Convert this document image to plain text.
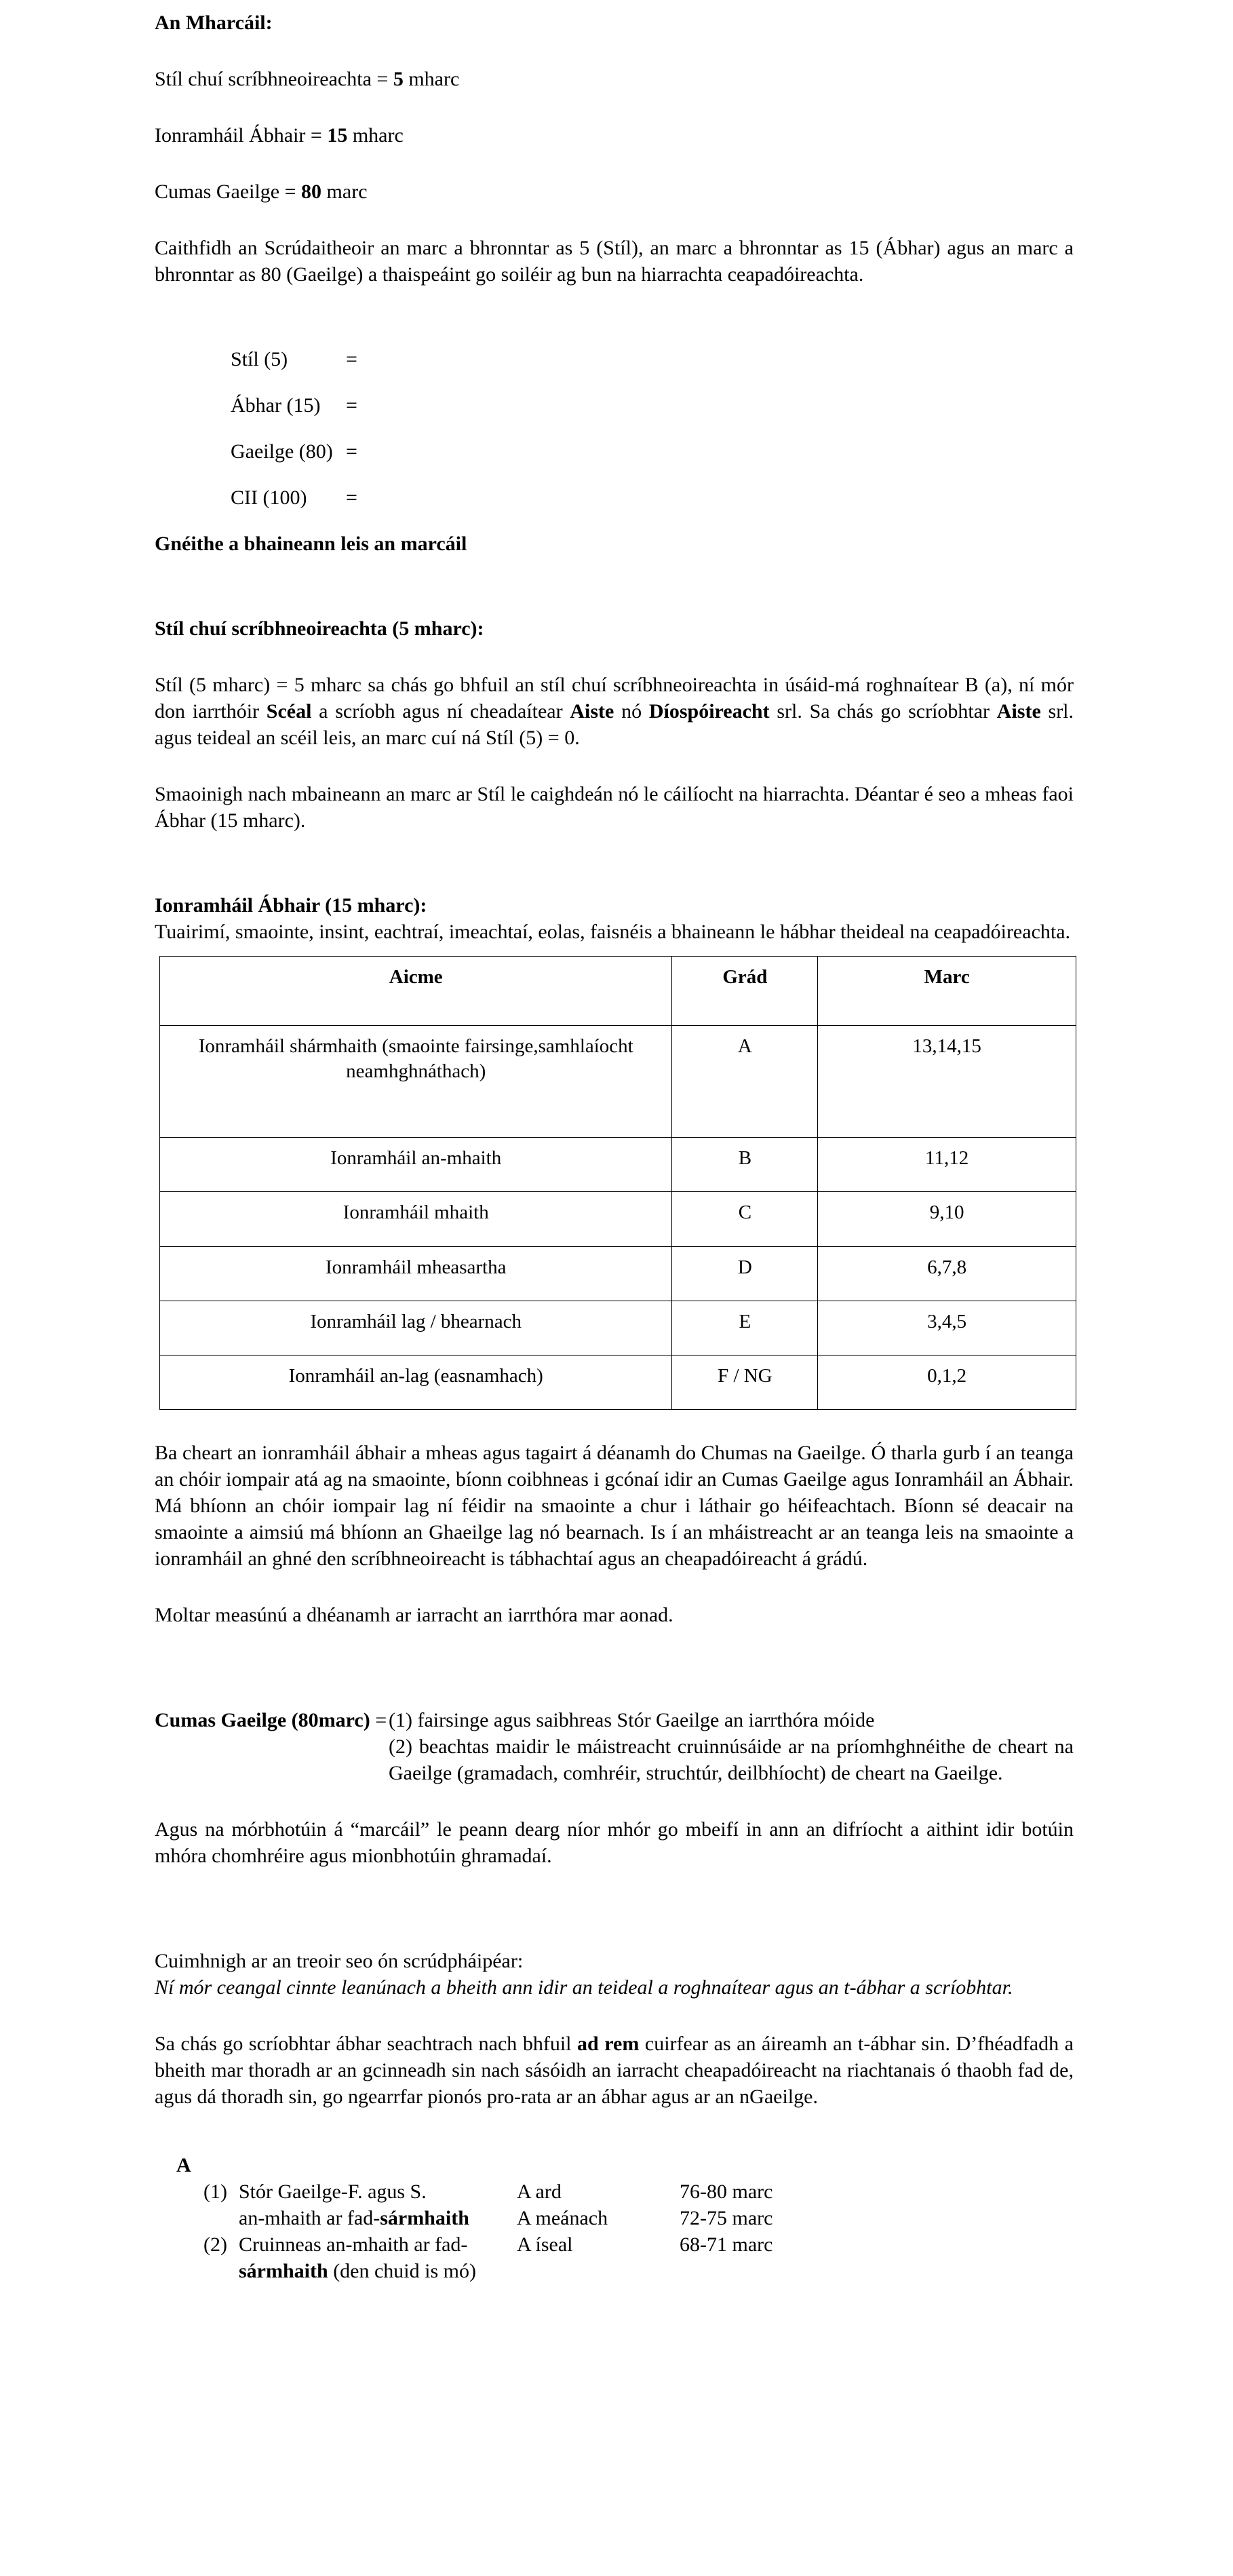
An Mharcáil:

Stíl chuí scríbhneoireachta = 5 mharc

Ionramháil Ábhair = 15 mharc

Cumas Gaeilge = 80 marc

Caithfidh an Scrúdaitheoir an marc a bhronntar as 5 (Stíl), an marc a bhronntar as 15 (Ábhar) agus an marc a bhronntar as 80 (Gaeilge) a thaispeáint go soiléir ag bun na hiarrachta ceapadóireachta.

Stíl (5)	=
Ábhar (15)	=
Gaeilge (80) =
CII (100)	=

Gnéithe a bhaineann leis an marcáil

Stíl chuí scríbhneoireachta (5 mharc):

Stíl (5 mharc) = 5 mharc sa chás go bhfuil an stíl chuí scríbhneoireachta in úsáid-má roghnaítear B (a), ní mór don iarrthóir Scéal a scríobh agus ní cheadaítear Aiste nó Díospóireacht srl. Sa chás go scríobhtar Aiste srl. agus teideal an scéil leis, an marc cuí ná Stíl (5) = 0.

Smaoinigh nach mbaineann an marc ar Stíl le caighdeán nó le cáilíocht na hiarrachta. Déantar é seo a mheas faoi Ábhar (15 mharc).

Ionramháil Ábhair (15 mharc):

Tuairimí, smaointe, insint, eachtraí, imeachtaí, eolas, faisnéis a bhaineann le hábhar theideal na ceapadóireachta.

Aicme	Grád	Marc
Ionramháil shármhaith (smaointe fairsinge,samhlaíocht neamhghnáthach)	A	13,14,15
Ionramháil an-mhaith	B	11,12
Ionramháil mhaith	C	9,10
Ionramháil mheasartha	D	6,7,8
Ionramháil lag / bhearnach	E	3,4,5
Ionramháil an-lag (easnamhach)	F / NG	0,1,2

Ba cheart an ionramháil ábhair a mheas agus tagairt á déanamh do Chumas na Gaeilge. Ó tharla gurb í an teanga an chóir iompair atá ag na smaointe, bíonn coibhneas i gcónaí idir an Cumas Gaeilge agus Ionramháil an Ábhair. Má bhíonn an chóir iompair lag ní féidir na smaointe a chur i láthair go héifeachtach. Bíonn sé deacair na smaointe a aimsiú má bhíonn an Ghaeilge lag nó bearnach. Is í an mháistreacht ar an teanga leis na smaointe a ionramháil an ghné den scríbhneoireacht is tábhachtaí agus an cheapadóireacht á grádú.

Moltar measúnú a dhéanamh ar iarracht an iarrthóra mar aonad.

Cumas Gaeilge (80marc) = (1) fairsinge agus saibhreas Stór Gaeilge an iarrthóra móide
(2) beachtas maidir le máistreacht cruinnúsáide ar na príomhghnéithe de cheart na Gaeilge (gramadach, comhréir, struchtúr, deilbhíocht) de cheart na Gaeilge.

Agus na mórbhotúin á “marcáil” le peann dearg níor mhór go mbeifí in ann an difríocht a aithint idir botúin mhóra chomhréire agus mionbhotúin ghramadaí.

Cuimhnigh ar an treoir seo ón scrúdpháipéar:

Ní mór ceangal cinnte leanúnach a bheith ann idir an teideal a roghnaítear agus an t-ábhar a scríobhtar.

Sa chás go scríobhtar ábhar seachtrach nach bhfuil ad rem cuirfear as an áireamh an t-ábhar sin. D’fhéadfadh a bheith mar thoradh ar an gcinneadh sin nach sásóidh an iarracht cheapadóireacht na riachtanais ó thaobh fad de, agus dá thoradh sin, go ngearrfar pionós pro-rata ar an ábhar agus ar an nGaeilge.

A
(1) Stór Gaeilge-F. agus S.	A ard	76-80 marc
an-mhaith ar fad-sármhaith	A meánach	72-75 marc
(2) Cruinneas an-mhaith ar fad-	A íseal	68-71 marc
sármhaith (den chuid is mó)
